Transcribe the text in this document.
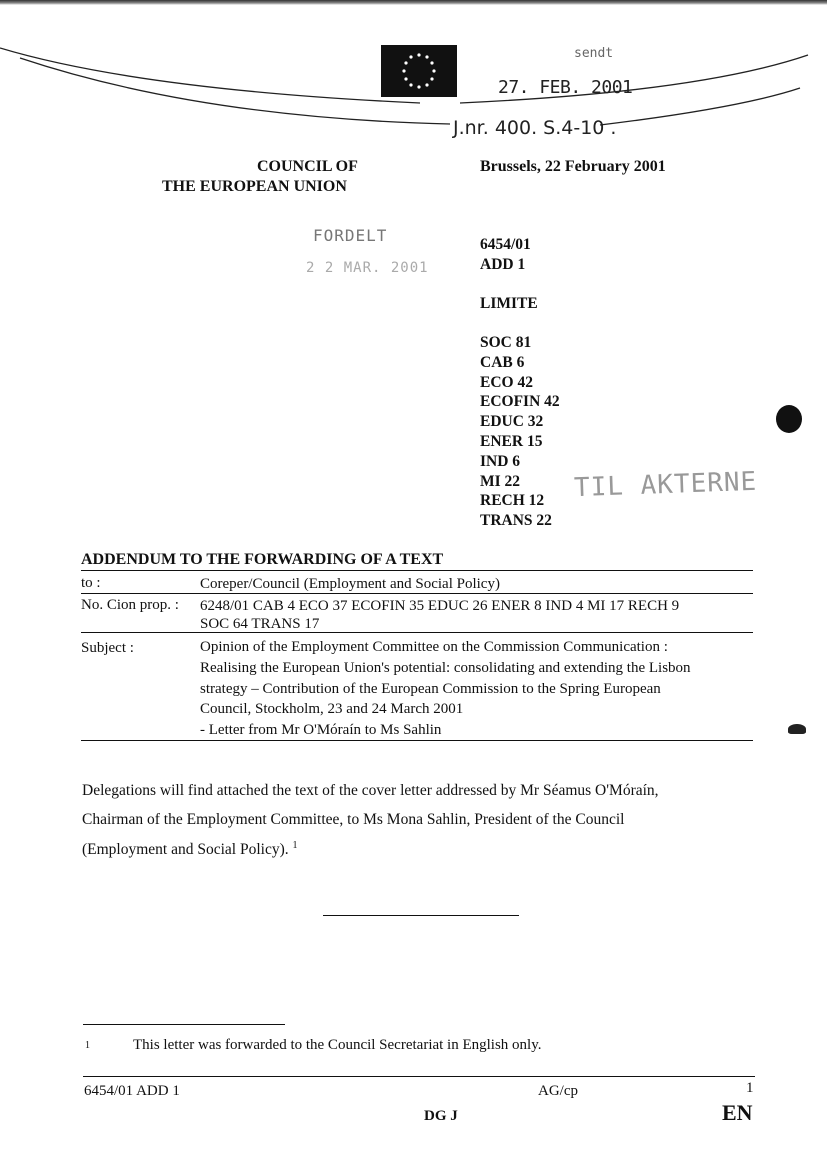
sendt
27. FEB. 2001
J.nr. 400. S.4-10 .
COUNCIL OF
THE EUROPEAN UNION
Brussels, 22 February 2001
FORDELT
2 2 MAR. 2001
6454/01
ADD 1
LIMITE
SOC 81
CAB 6
ECO 42
ECOFIN 42
EDUC 32
ENER 15
IND 6
MI 22
RECH 12
TRANS 22
TIL AKTERNE
ADDENDUM TO THE FORWARDING OF A TEXT
to :	Coreper/Council (Employment and Social Policy)
No. Cion prop. : 6248/01 CAB 4 ECO 37 ECOFIN 35 EDUC 26 ENER 8 IND 4 MI 17 RECH 9
SOC 64 TRANS 17
Subject :	Opinion of the Employment Committee on the Commission Communication :
Realising the European Union's potential: consolidating and extending the Lisbon
strategy – Contribution of the European Commission to the Spring European
Council, Stockholm, 23 and 24 March 2001
- Letter from Mr O'Móraín to Ms Sahlin
Delegations will find attached the text of the cover letter addressed by Mr Séamus O'Móraín,
Chairman of the Employment Committee, to Ms Mona Sahlin, President of the Council
(Employment and Social Policy). $^1$
1	This letter was forwarded to the Council Secretariat in English only.
6454/01 ADD 1	AG/cp	1
DG J	EN
